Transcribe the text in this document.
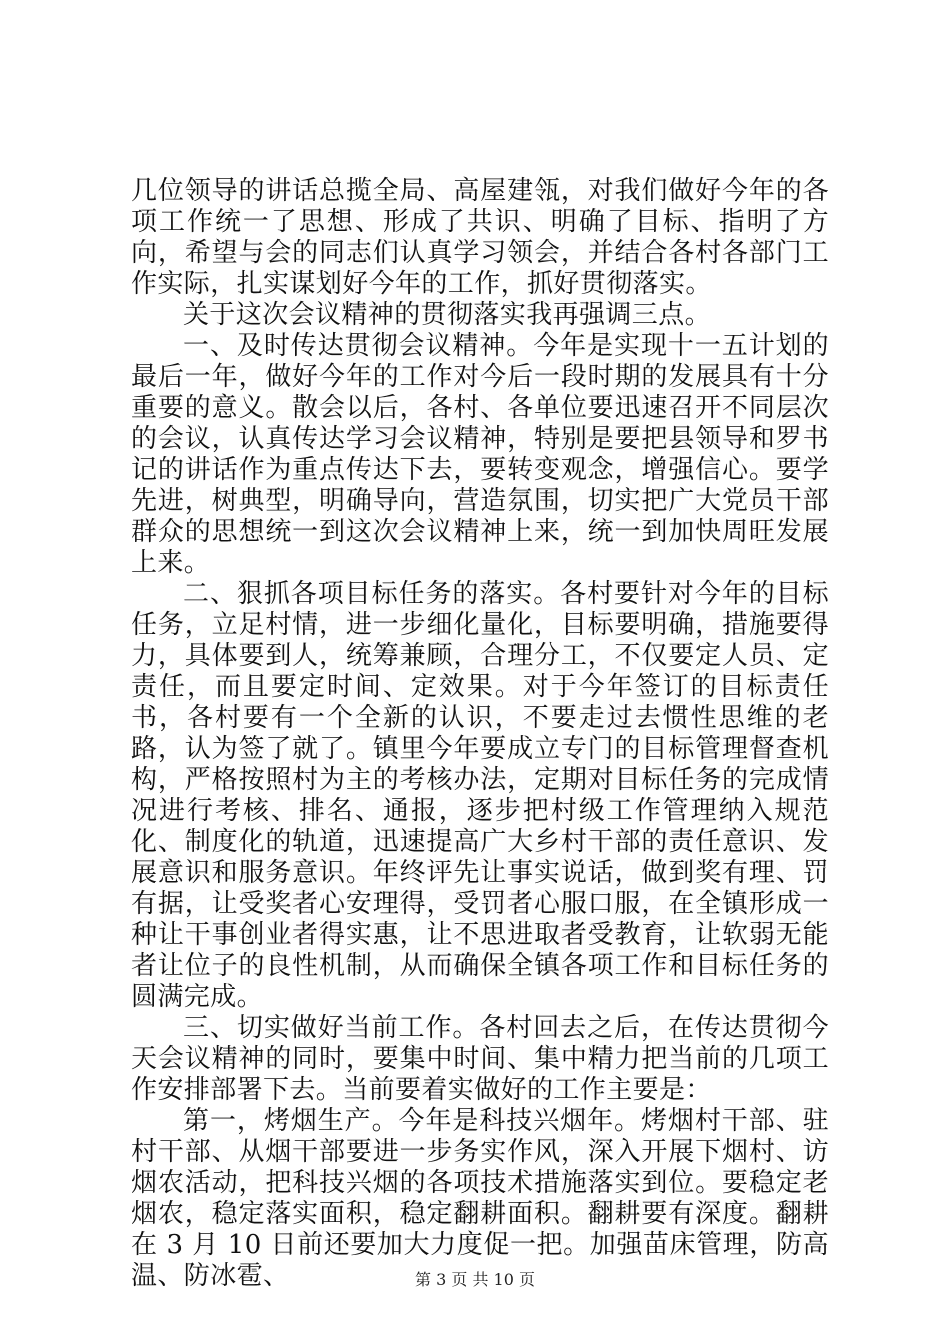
几位领导的讲话总揽全局、高屋建瓴，对我们做好今年的各项工作统一了思想、形成了共识、明确了目标、指明了方向，希望与会的同志们认真学习领会，并结合各村各部门工作实际，扎实谋划好今年的工作，抓好贯彻落实。

关于这次会议精神的贯彻落实我再强调三点。

一、及时传达贯彻会议精神。今年是实现十一五计划的最后一年，做好今年的工作对今后一段时期的发展具有十分重要的意义。散会以后，各村、各单位要迅速召开不同层次的会议，认真传达学习会议精神，特别是要把县领导和罗书记的讲话作为重点传达下去，要转变观念，增强信心。要学先进，树典型，明确导向，营造氛围，切实把广大党员干部群众的思想统一到这次会议精神上来，统一到加快周旺发展上来。

二、狠抓各项目标任务的落实。各村要针对今年的目标任务，立足村情，进一步细化量化，目标要明确，措施要得力，具体要到人，统筹兼顾，合理分工，不仅要定人员、定责任，而且要定时间、定效果。对于今年签订的目标责任书，各村要有一个全新的认识，不要走过去惯性思维的老路，认为签了就了。镇里今年要成立专门的目标管理督查机构，严格按照村为主的考核办法，定期对目标任务的完成情况进行考核、排名、通报，逐步把村级工作管理纳入规范化、制度化的轨道，迅速提高广大乡村干部的责任意识、发展意识和服务意识。年终评先让事实说话，做到奖有理、罚有据，让受奖者心安理得，受罚者心服口服，在全镇形成一种让干事创业者得实惠，让不思进取者受教育，让软弱无能者让位子的良性机制，从而确保全镇各项工作和目标任务的圆满完成。

三、切实做好当前工作。各村回去之后，在传达贯彻今天会议精神的同时，要集中时间、集中精力把当前的几项工作安排部署下去。当前要着实做好的工作主要是：

第一，烤烟生产。今年是科技兴烟年。烤烟村干部、驻村干部、从烟干部要进一步务实作风，深入开展下烟村、访烟农活动，把科技兴烟的各项技术措施落实到位。要稳定老烟农，稳定落实面积，稳定翻耕面积。翻耕要有深度。翻耕在 3 月 10 日前还要加大力度促一把。加强苗床管理，防高温、防冰雹、	第 3 页 共 10 页
